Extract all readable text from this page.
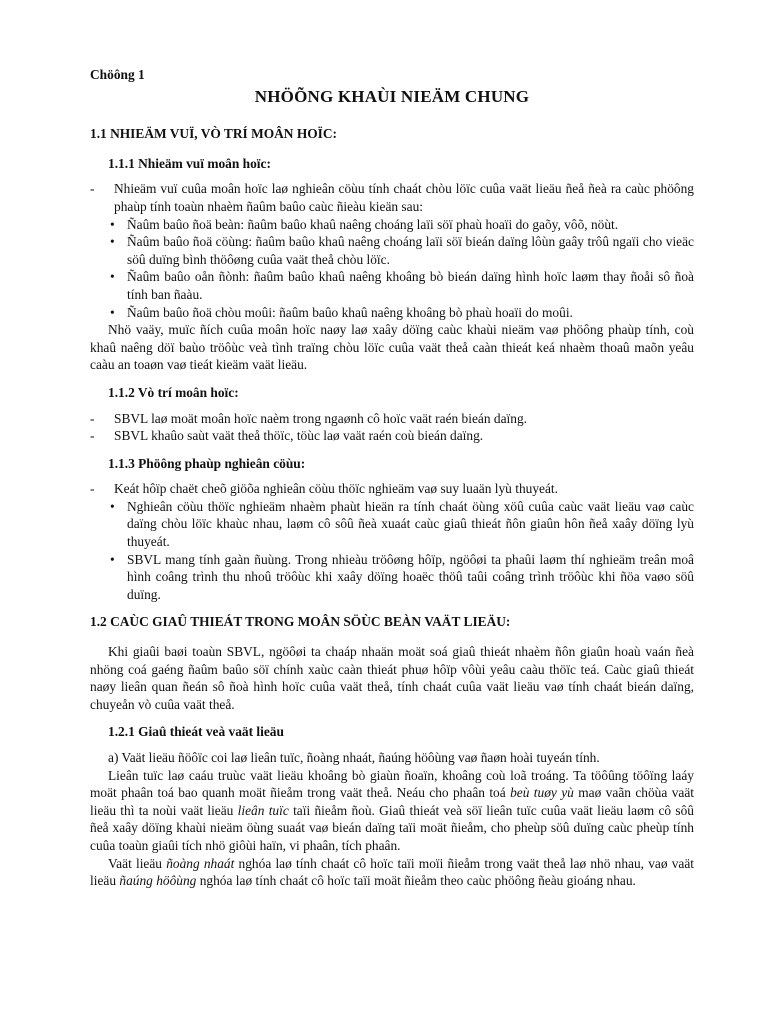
Chöông 1

NHÖÕNG KHAÙI NIEÄM CHUNG

1.1 NHIEÄM VUÏ, VÒ TRÍ MOÂN HOÏC:

1.1.1 Nhieäm vuï moân hoïc:

- Nhieäm vuï cuûa moân hoïc laø nghieân cöùu tính chaát chòu löïc cuûa vaät lieäu ñeå ñeà ra caùc phöông phaùp tính toaùn nhaèm ñaûm baûo caùc ñieàu kieän sau:

• Ñaûm baûo ñoä beàn: ñaûm baûo khaû naêng choáng laïi söï phaù hoaïi do gaõy, vôõ, nöùt.
• Ñaûm baûo ñoä cöùng: ñaûm baûo khaû naêng choáng laïi söï bieán daïng lôùn gaây trôû ngaïi cho vieäc söû duïng bình thöôøng cuûa vaät theå chòu löïc.
• Ñaûm baûo oån ñònh: ñaûm baûo khaû naêng khoâng bò bieán daïng hình hoïc laøm thay ñoåi sô ñoà tính ban ñaàu.
• Ñaûm baûo ñoä chòu moûi: ñaûm baûo khaû naêng khoâng bò phaù hoaïi do moûi.

Nhö vaäy, muïc ñích cuûa moân hoïc naøy laø xaây döïng caùc khaùi nieäm vaø phöông phaùp tính, coù khaû naêng döï baùo tröôùc veà tình traïng chòu löïc cuûa vaät theå caàn thieát keá nhaèm thoaû maõn yeâu caàu an toaøn vaø tieát kieäm vaät lieäu.

1.1.2 Vò trí moân hoïc:

- SBVL laø moät moân hoïc naèm trong ngaønh cô hoïc vaät raén bieán daïng.

- SBVL khaûo saùt vaät theå thöïc, töùc laø vaät raén coù bieán daïng.

1.1.3 Phöông phaùp nghieân cöùu:

- Keát hôïp chaët cheõ giöõa nghieân cöùu thöïc nghieäm vaø suy luaän lyù thuyeát.

• Nghieân cöùu thöïc nghieäm nhaèm phaùt hieän ra tính chaát öùng xöû cuûa caùc vaät lieäu vaø caùc daïng chòu löïc khaùc nhau, laøm cô sôû ñeà xuaát caùc giaû thieát ñôn giaûn hôn ñeå xaây döïng lyù thuyeát.
• SBVL mang tính gaàn ñuùng. Trong nhieàu tröôøng hôïp, ngöôøi ta phaûi laøm thí nghieäm treân moâ hình coâng trình thu nhoû tröôùc khi xaây döïng hoaëc thöû taûi coâng trình tröôùc khi ñöa vaøo söû duïng.

1.2 CAÙC GIAÛ THIEÁT TRONG MOÂN SÖÙC BEÀN VAÄT LIEÄU:

Khi giaûi baøi toaùn SBVL, ngöôøi ta chaáp nhaän moät soá giaû thieát nhaèm ñôn giaûn hoaù vaán ñeà nhöng coá gaéng ñaûm baûo söï chính xaùc caàn thieát phuø hôïp vôùi yeâu caàu thöïc teá. Caùc giaû thieát naøy lieân quan ñeán sô ñoà hình hoïc cuûa vaät theå, tính chaát cuûa vaät lieäu vaø tính chaát bieán daïng, chuyeån vò cuûa vaät theå.

1.2.1 Giaû thieát veà vaät lieäu

a) Vaät lieäu ñöôïc coi laø lieân tuïc, ñoàng nhaát, ñaúng höôùng vaø ñaøn hoài tuyeán tính.

Lieân tuïc laø caáu truùc vaät lieäu khoâng bò giaùn ñoaïn, khoâng coù loã troáng. Ta töôûng töôïng laáy moät phaân toá bao quanh moät ñieåm trong vaät theå. Neáu cho phaân toá beù tuøy yù maø vaãn chöùa vaät lieäu thì ta noùi vaät lieäu lieân tuïc taïi ñieåm ñoù. Giaû thieát veà söï lieân tuïc cuûa vaät lieäu laøm cô sôû ñeå xaây döïng khaùi nieäm öùng suaát vaø bieán daïng taïi moät ñieåm, cho pheùp söû duïng caùc pheùp tính cuûa toaùn giaûi tích nhö giôùi haïn, vi phaân, tích phaân.

Vaät lieäu ñoàng nhaát nghóa laø tính chaát cô hoïc taïi moïi ñieåm trong vaät theå laø nhö nhau, vaø vaät lieäu ñaúng höôùng nghóa laø tính chaát cô hoïc taïi moät ñieåm theo caùc phöông ñeàu gioáng nhau.
